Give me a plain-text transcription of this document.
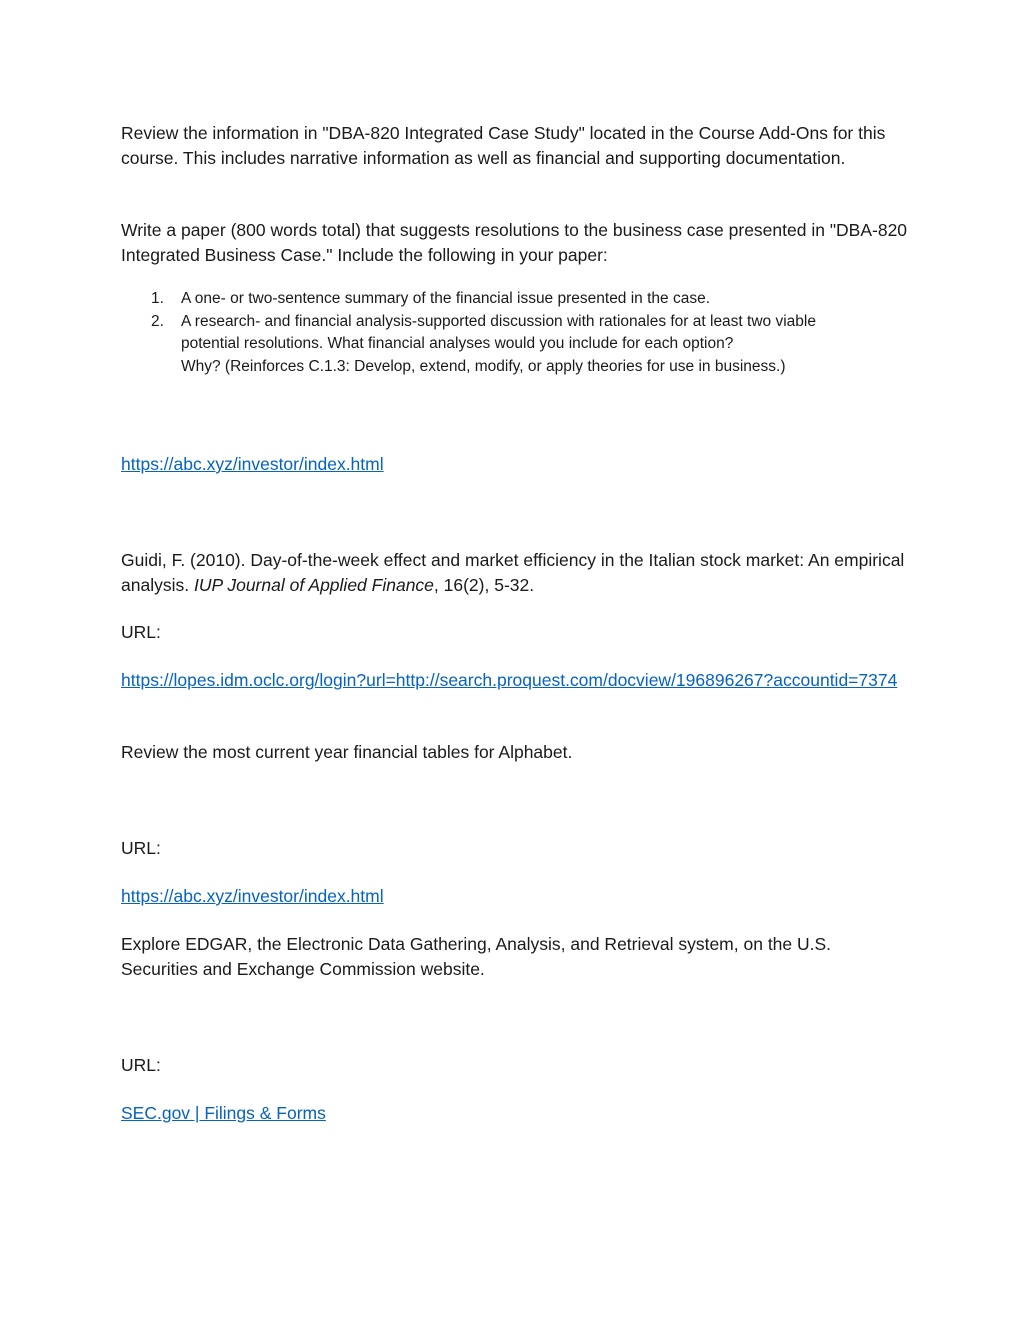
Review the information in "DBA-820 Integrated Case Study" located in the Course Add-Ons for this course. This includes narrative information as well as financial and supporting documentation.

Write a paper (800 words total) that suggests resolutions to the business case presented in "DBA-820 Integrated Business Case." Include the following in your paper:

1. A one- or two-sentence summary of the financial issue presented in the case.
2. A research- and financial analysis-supported discussion with rationales for at least two viable
potential resolutions. What financial analyses would you include for each option?
Why? (Reinforces C.1.3: Develop, extend, modify, or apply theories for use in business.)

https://abc.xyz/investor/index.html

Guidi, F. (2010). Day-of-the-week effect and market efficiency in the Italian stock market: An empirical analysis. IUP Journal of Applied Finance, 16(2), 5-32.

URL:

https://lopes.idm.oclc.org/login?url=http://search.proquest.com/docview/196896267?accountid=7374

Review the most current year financial tables for Alphabet.

URL:

https://abc.xyz/investor/index.html

Explore EDGAR, the Electronic Data Gathering, Analysis, and Retrieval system, on the U.S. Securities and Exchange Commission website.

URL:

SEC.gov | Filings & Forms
